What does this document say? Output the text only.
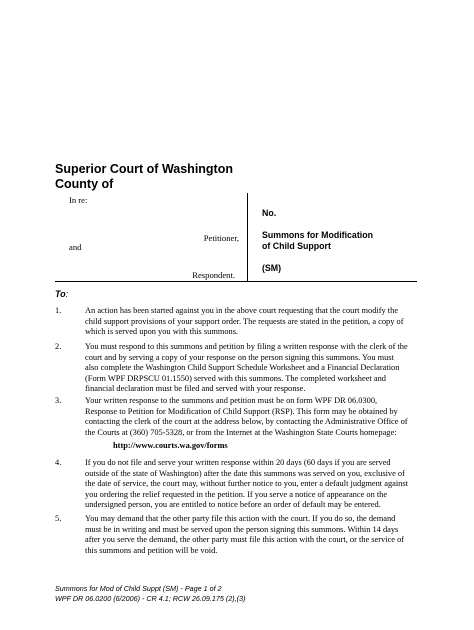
Superior Court of Washington
County of
In re:
Petitioner,
and
Respondent.
No.
Summons for Modification
of Child Support
(SM)
To:
1.	An action has been started against you in the above court requesting that the court modify the
child support provisions of your support order. The requests are stated in the petition, a copy of
which is served upon you with this summons.
2.	You must respond to this summons and petition by filing a written response with the clerk of the
court and by serving a copy of your response on the person signing this summons. You must
also complete the Washington Child Support Schedule Worksheet and a Financial Declaration
(Form WPF DRPSCU 01.1550) served with this summons. The completed worksheet and
financial declaration must be filed and served with your response.
3.	Your written response to the summons and petition must be on form WPF DR 06.0300,
Response to Petition for Modification of Child Support (RSP). This form may be obtained by
contacting the clerk of the court at the address below, by contacting the Administrative Office of
the Courts at (360) 705-5328, or from the Internet at the Washington State Courts homepage:
http://www.courts.wa.gov/forms
4.	If you do not file and serve your written response within 20 days (60 days if you are served
outside of the state of Washington) after the date this summons was served on you, exclusive of
the date of service, the court may, without further notice to you, enter a default judgment against
you ordering the relief requested in the petition. If you serve a notice of appearance on the
undersigned person, you are entitled to notice before an order of default may be entered.
5.	You may demand that the other party file this action with the court. If you do so, the demand
must be in writing and must be served upon the person signing this summons. Within 14 days
after you serve the demand, the other party must file this action with the court, or the service of
this summons and petition will be void.
Summons for Mod of Child Suppt (SM) - Page 1 of 2
WPF DR 06.0200 (6/2006) - CR 4.1; RCW 26.09.175 (2),(3)
